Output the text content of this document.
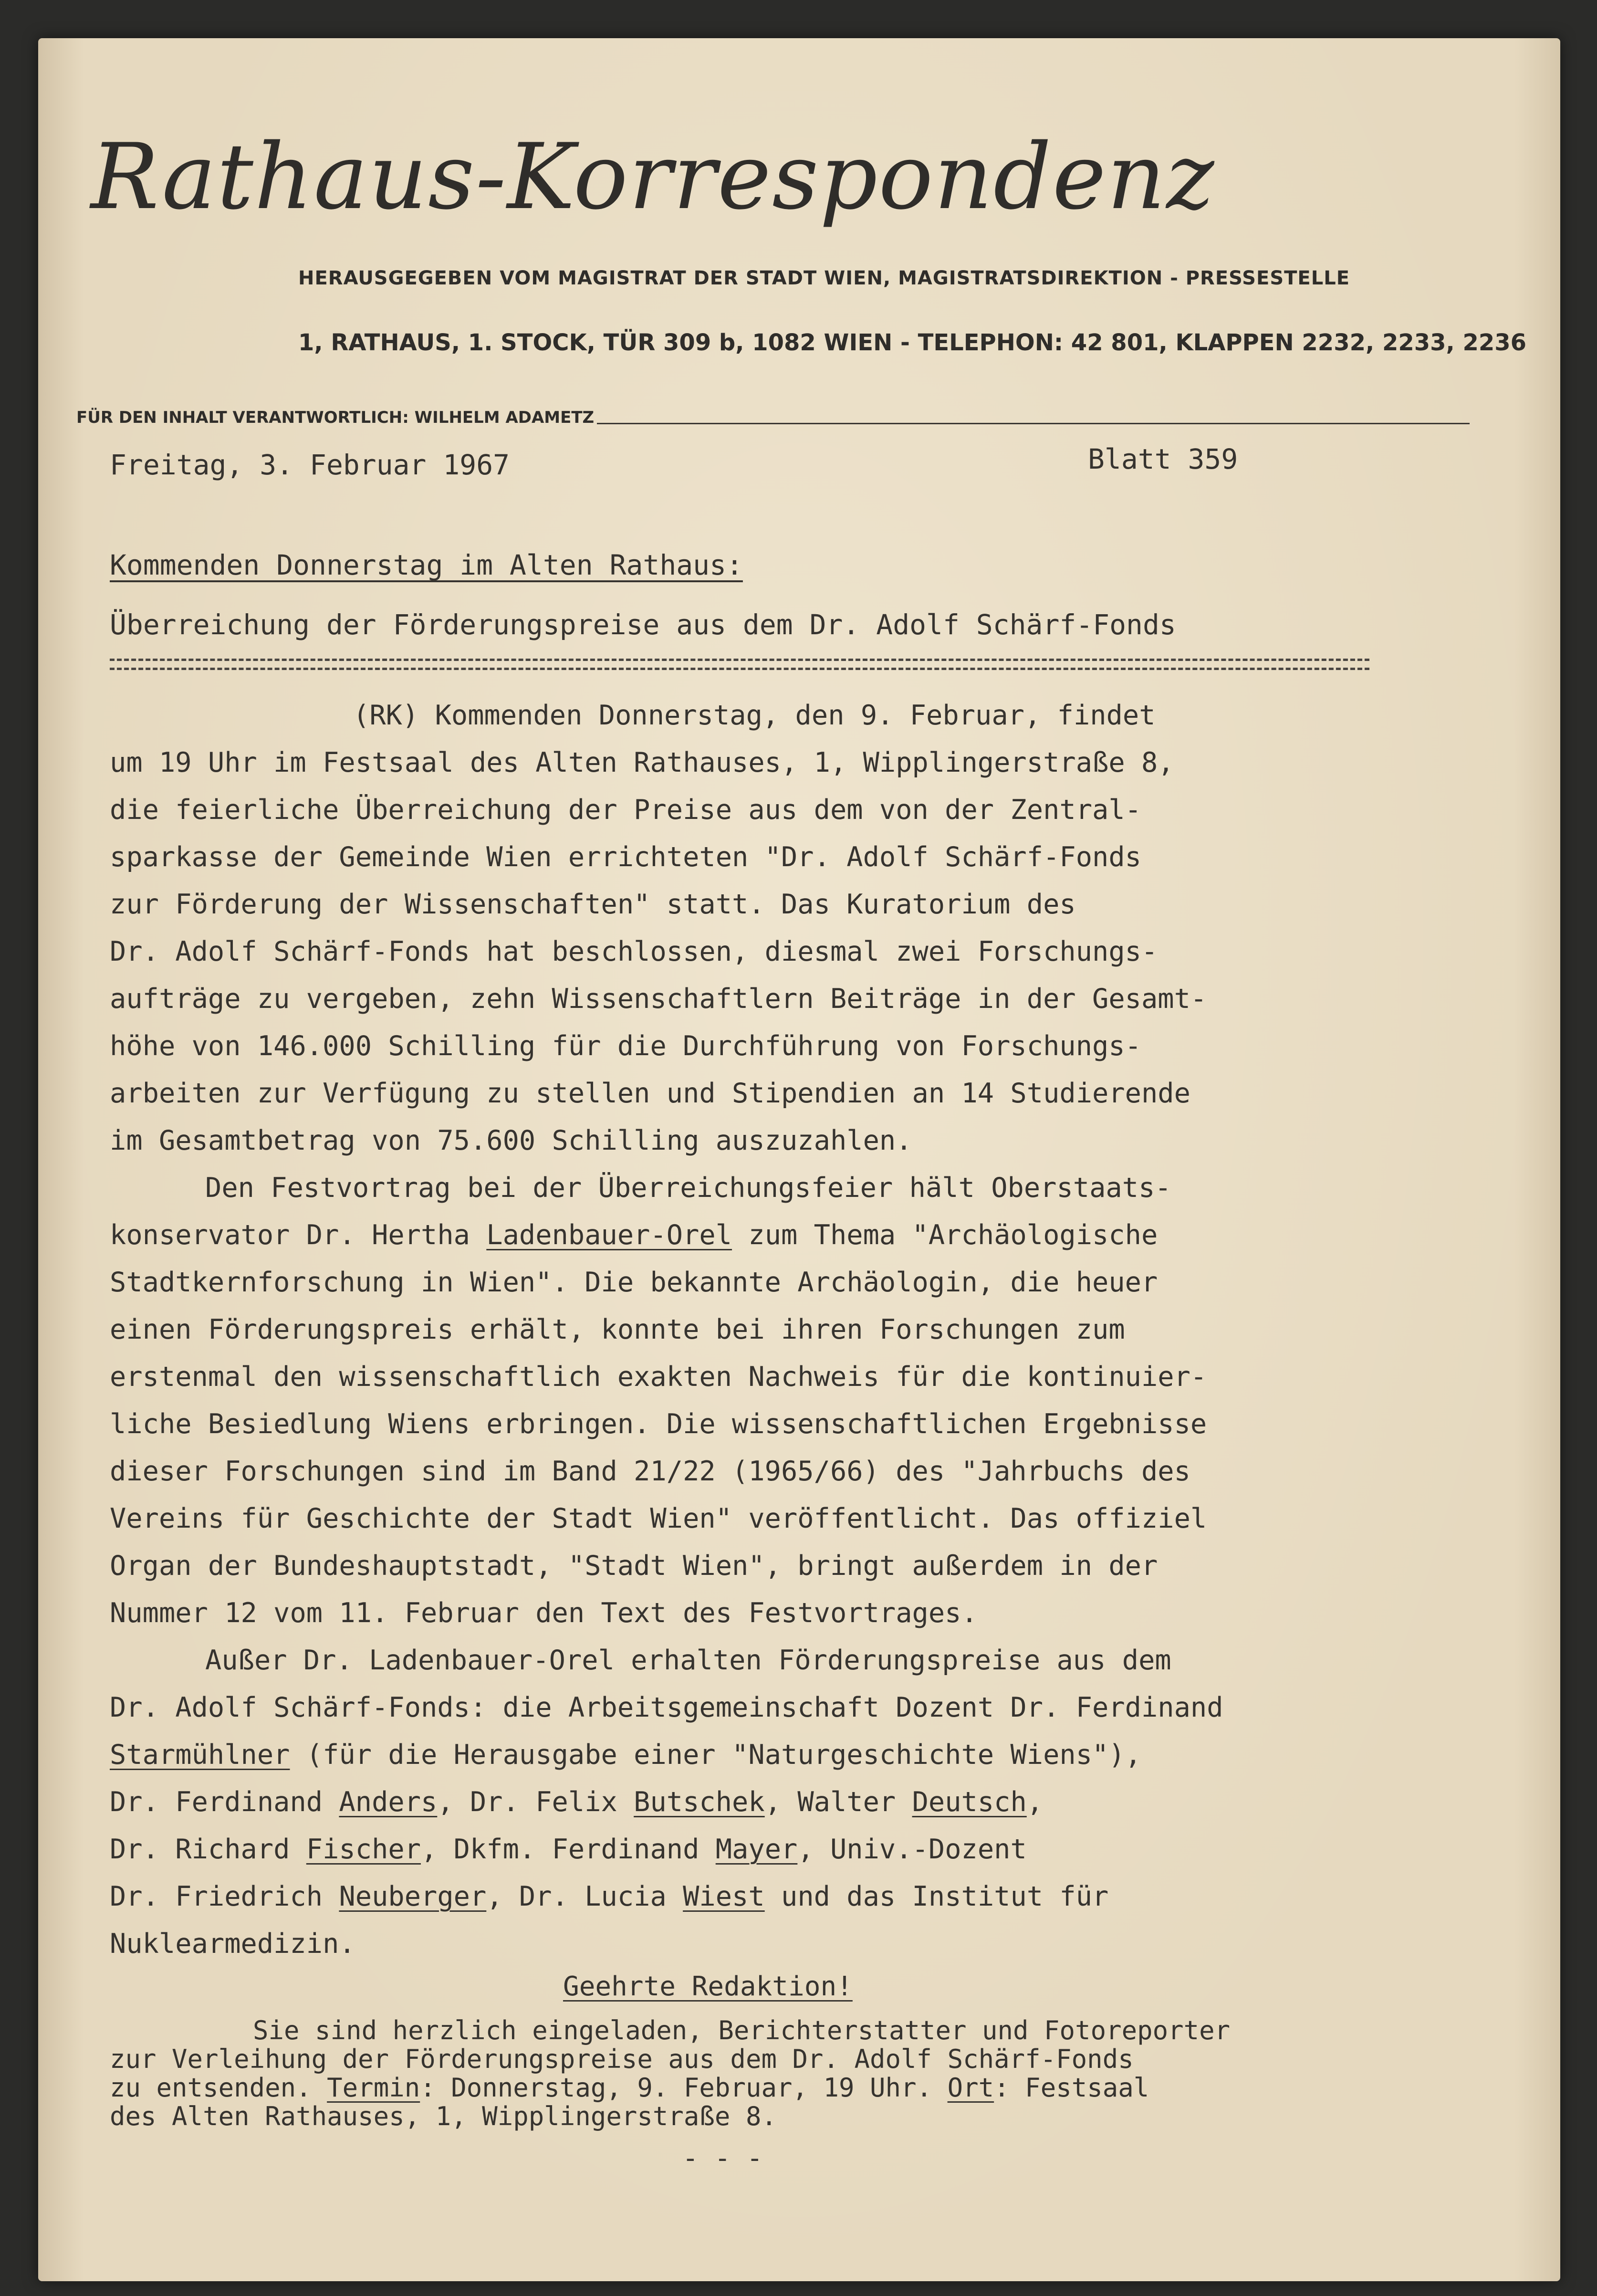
Rathaus-Korrespondenz
HERAUSGEGEBEN VOM MAGISTRAT DER STADT WIEN, MAGISTRATSDIREKTION - PRESSESTELLE
1, RATHAUS, 1. STOCK, TÜR 309 b, 1082 WIEN - TELEPHON: 42 801, KLAPPEN 2232, 2233, 2236
FÜR DEN INHALT VERANTWORTLICH: WILHELM ADAMETZ
Freitag, 3. Februar 1967	Blatt 359
Kommenden Donnerstag im Alten Rathaus:
Überreichung der Förderungspreise aus dem Dr. Adolf Schärf-Fonds

(RK) Kommenden Donnerstag, den 9. Februar, findet

um 19 Uhr im Festsaal des Alten Rathauses, 1, Wipplingerstraße 8,

die feierliche Überreichung der Preise aus dem von der Zentral-

sparkasse der Gemeinde Wien errichteten "Dr. Adolf Schärf-Fonds

zur Förderung der Wissenschaften" statt. Das Kuratorium des

Dr. Adolf Schärf-Fonds hat beschlossen, diesmal zwei Forschungs-

aufträge zu vergeben, zehn Wissenschaftlern Beiträge in der Gesamt-

höhe von 146.000 Schilling für die Durchführung von Forschungs-

arbeiten zur Verfügung zu stellen und Stipendien an 14 Studierende

im Gesamtbetrag von 75.600 Schilling auszuzahlen.

Den Festvortrag bei der Überreichungsfeier hält Oberstaats-

konservator Dr. Hertha Ladenbauer-Orel zum Thema "Archäologische

Stadtkernforschung in Wien". Die bekannte Archäologin, die heuer

einen Förderungspreis erhält, konnte bei ihren Forschungen zum

erstenmal den wissenschaftlich exakten Nachweis für die kontinuier-

liche Besiedlung Wiens erbringen. Die wissenschaftlichen Ergebnisse

dieser Forschungen sind im Band 21/22 (1965/66) des "Jahrbuchs des

Vereins für Geschichte der Stadt Wien" veröffentlicht. Das offiziel

Organ der Bundeshauptstadt, "Stadt Wien", bringt außerdem in der

Nummer 12 vom 11. Februar den Text des Festvortrages.

Außer Dr. Ladenbauer-Orel erhalten Förderungspreise aus dem

Dr. Adolf Schärf-Fonds: die Arbeitsgemeinschaft Dozent Dr. Ferdinand

Starmühlner (für die Herausgabe einer "Naturgeschichte Wiens"),

Dr. Ferdinand Anders, Dr. Felix Butschek, Walter Deutsch,

Dr. Richard Fischer, Dkfm. Ferdinand Mayer, Univ.-Dozent

Dr. Friedrich Neuberger, Dr. Lucia Wiest und das Institut für

Nuklearmedizin.

Geehrte Redaktion!

Sie sind herzlich eingeladen, Berichterstatter und Fotoreporter

zur Verleihung der Förderungspreise aus dem Dr. Adolf Schärf-Fonds

zu entsenden. Termin: Donnerstag, 9. Februar, 19 Uhr. Ort: Festsaal

des Alten Rathauses, 1, Wipplingerstraße 8.

- - -
